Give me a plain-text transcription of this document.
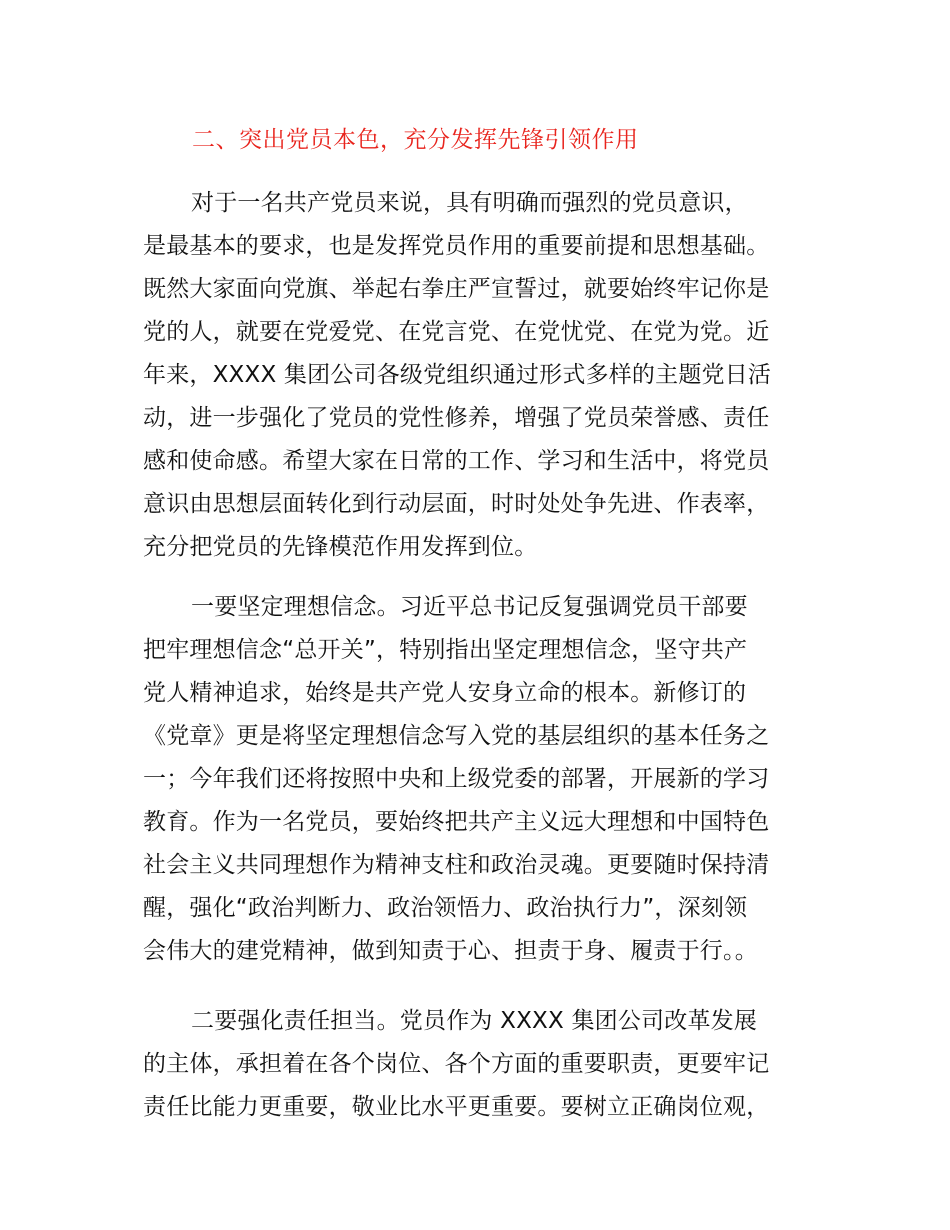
二、突出党员本色，充分发挥先锋引领作用
对于一名共产党员来说，具有明确而强烈的党员意识，
是最基本的要求，也是发挥党员作用的重要前提和思想基础。
既然大家面向党旗、举起右拳庄严宣誓过，就要始终牢记你是
党的人，就要在党爱党、在党言党、在党忧党、在党为党。近
年来，XXXX 集团公司各级党组织通过形式多样的主题党日活
动，进一步强化了党员的党性修养，增强了党员荣誉感、责任
感和使命感。希望大家在日常的工作、学习和生活中，将党员
意识由思想层面转化到行动层面，时时处处争先进、作表率，
充分把党员的先锋模范作用发挥到位。
一要坚定理想信念。习近平总书记反复强调党员干部要
把牢理想信念“总开关”，特别指出坚定理想信念，坚守共产
党人精神追求，始终是共产党人安身立命的根本。新修订的
《党章》更是将坚定理想信念写入党的基层组织的基本任务之
一；今年我们还将按照中央和上级党委的部署，开展新的学习
教育。作为一名党员，要始终把共产主义远大理想和中国特色
社会主义共同理想作为精神支柱和政治灵魂。更要随时保持清
醒，强化“政治判断力、政治领悟力、政治执行力”，深刻领
会伟大的建党精神，做到知责于心、担责于身、履责于行。。
二要强化责任担当。党员作为 XXXX 集团公司改革发展
的主体，承担着在各个岗位、各个方面的重要职责，更要牢记
责任比能力更重要，敬业比水平更重要。要树立正确岗位观，
